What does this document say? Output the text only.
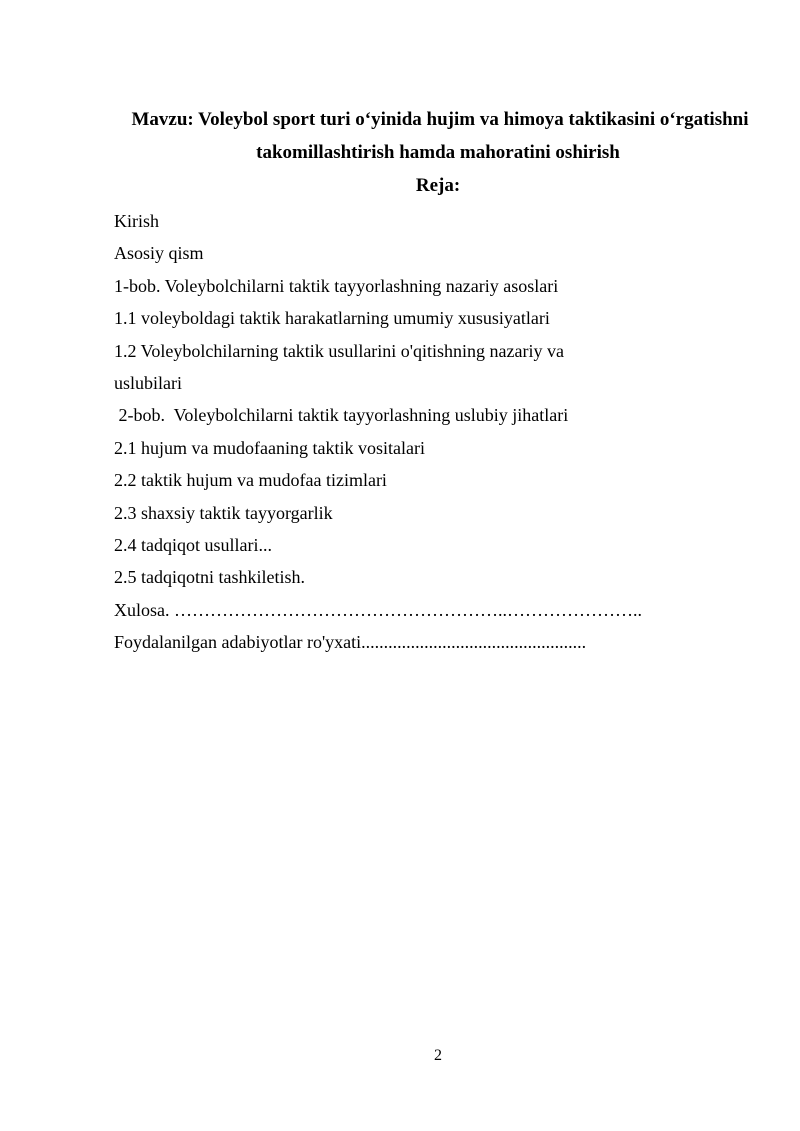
Mavzu: Voleybol sport turi o‘yinida hujim va himoya taktikasini o‘rgatishni
takomillashtirish hamda mahoratini oshirish
Reja:
Kirish
Asosiy qism
1-bob. Voleybolchilarni taktik tayyorlashning nazariy asoslari
1.1 voleyboldagi taktik harakatlarning umumiy xususiyatlari
1.2 Voleybolchilarning taktik usullarini o'qitishning nazariy va
uslubilari
2-bob.  Voleybolchilarni taktik tayyorlashning uslubiy jihatlari
2.1 hujum va mudofaaning taktik vositalari
2.2 taktik hujum va mudofaa tizimlari
2.3 shaxsiy taktik tayyorgarlik
2.4 tadqiqot usullari...
2.5 tadqiqotni tashkiletish.
Xulosa. ………………………………………………..…………………..
Foydalanilgan adabiyotlar ro'yxati..................................................
2
